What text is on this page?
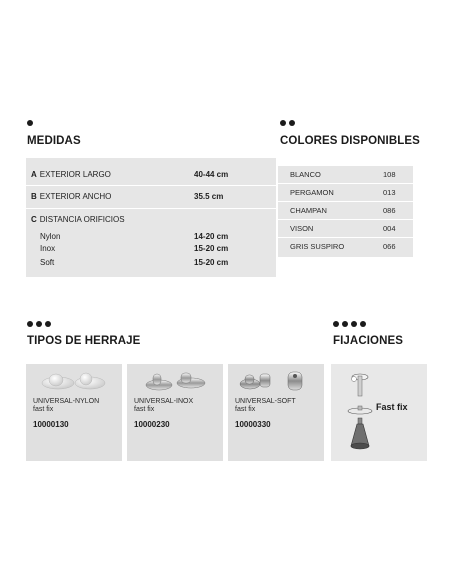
MEDIDAS
A EXTERIOR LARGO	40-44 cm
B EXTERIOR ANCHO	35.5 cm
C DISTANCIA ORIFICIOS
Nylon	14-20 cm
Inox	15-20 cm
Soft	15-20 cm
COLORES DISPONIBLES
BLANCO	108
PERGAMON	013
CHAMPAN	086
VISON	004
GRIS SUSPIRO	066
TIPOS DE HERRAJE
UNIVERSAL-NYLON
fast fix
10000130
UNIVERSAL-INOX
fast fix
10000230
UNIVERSAL-SOFT
fast fix
10000330
FIJACIONES
Fast fix
